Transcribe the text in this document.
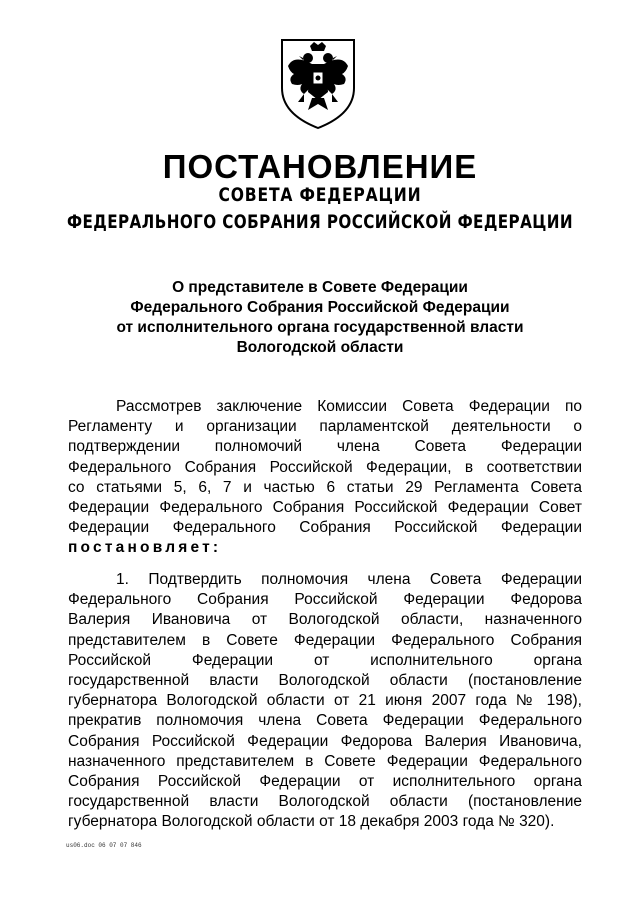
ПОСТАНОВЛЕНИЕ
СОВЕТА ФЕДЕРАЦИИ
ФЕДЕРАЛЬНОГО СОБРАНИЯ РОССИЙСКОЙ ФЕДЕРАЦИИ
О представителе в Совете Федерации
Федерального Собрания Российской Федерации
от исполнительного органа государственной власти
Вологодской области
Рассмотрев заключение Комиссии Совета Федерации по
Регламенту и организации парламентской деятельности о
подтверждении полномочий члена Совета Федерации
Федерального Собрания Российской Федерации, в соответствии
со статьями 5, 6, 7 и частью 6 статьи 29 Регламента Совета
Федерации Федерального Собрания Российской Федерации Совет
Федерации Федерального Собрания Российской Федерации
постановляет:
1. Подтвердить полномочия члена Совета Федерации
Федерального Собрания Российской Федерации Федорова
Валерия Ивановича от Вологодской области, назначенного
представителем в Совете Федерации Федерального Собрания
Российской Федерации от исполнительного органа
государственной власти Вологодской области (постановление
губернатора Вологодской области от 21 июня 2007 года № 198),
прекратив полномочия члена Совета Федерации Федерального
Собрания Российской Федерации Федорова Валерия Ивановича,
назначенного представителем в Совете Федерации Федерального
Собрания Российской Федерации от исполнительного органа
государственной власти Вологодской области (постановление
губернатора Вологодской области от 18 декабря 2003 года № 320).
us06.doc 06 07 07 846
